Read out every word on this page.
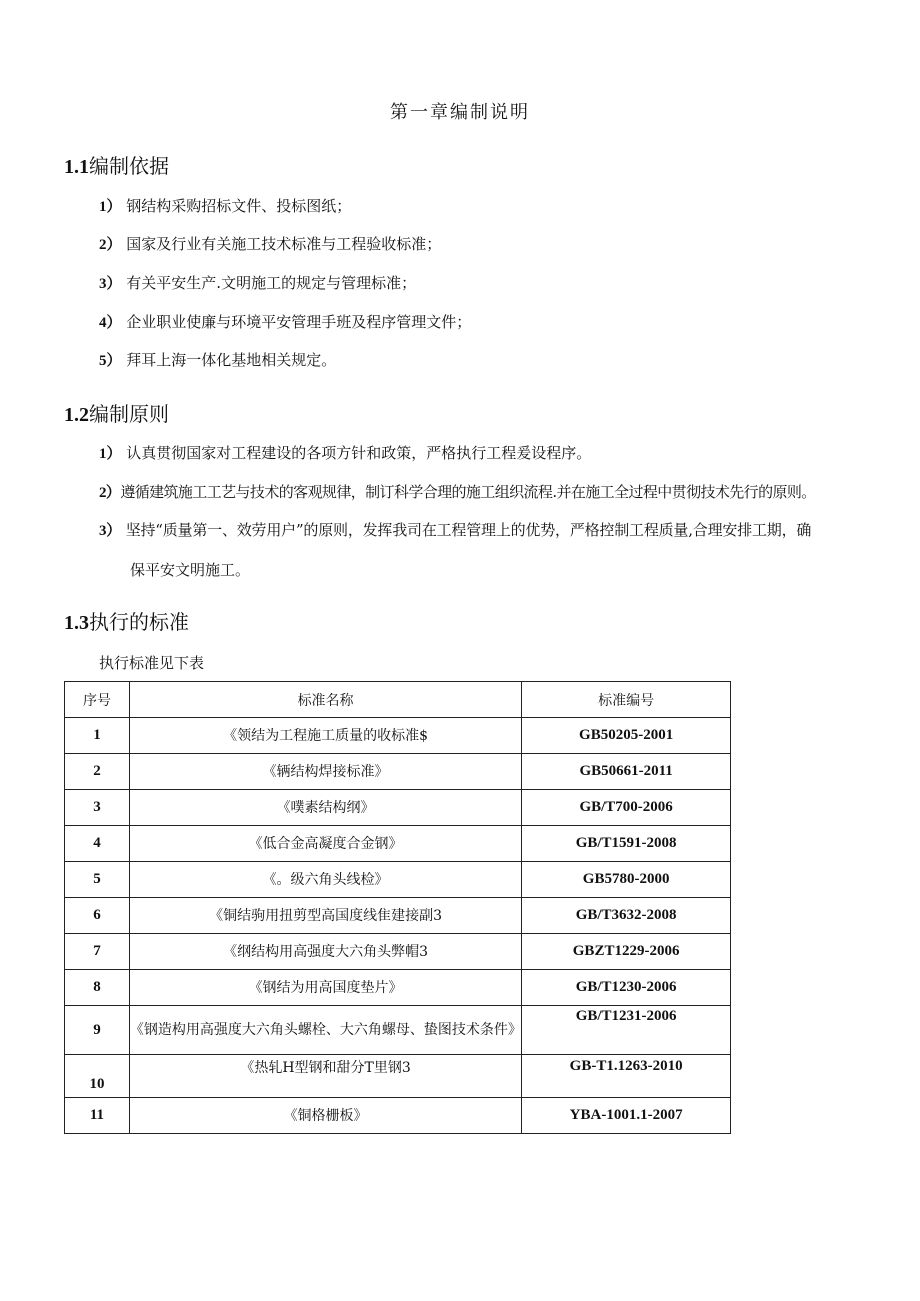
第一章编制说明
1.1编制依据
1） 钢结构采购招标文件、投标图纸；
2） 国家及行业有关施工技术标准与工程验收标准；
3） 有关平安生产.文明施工的规定与管理标准；
4） 企业职业使廉与环境平安管理手班及程序管理文件；
5） 拜耳上海一体化基地相关规定。
1.2编制原则
1） 认真贯彻国家对工程建设的各项方针和政策，严格执行工程爰设程序。
2）遵循建筑施工工艺与技术的客观规律，制订科学合理的施工组织流程.并在施工全过程中贯彻技术先行的原则。
3） 坚持“质量第一、效劳用户”的原则，发挥我司在工程管理上的优势，严格控制工程质量,合理安排工期，确
保平安文明施工。
1.3执行的标准
执行标准见下表
序号	标准名称	标准编号
1	《领结为工程施工质量的收标准$	GB50205-2001
2	《辆结构焊接标准》	GB50661-2011
3	《噗素结构纲》	GB/T700-2006
4	《低合金高凝度合金钢》	GB/T1591-2008
5	《。级六角头线检》	GB5780-2000
6	《铜结驹用扭剪型高国度线隹建接副3	GB/T3632-2008
7	《纲结构用高强度大六角头弊帽3	GBZT1229-2006
8	《钢结为用高国度垫片》	GB/T1230-2006
9	《钢造构用高强度大六角头螺栓、大六角螺母、蛰图技术条件》	GB/T1231-2006
10	《热轧H型钢和甜分T里钢3	GB-T1.1263-2010
11	《铜格栅板》	YBA-1001.1-2007
